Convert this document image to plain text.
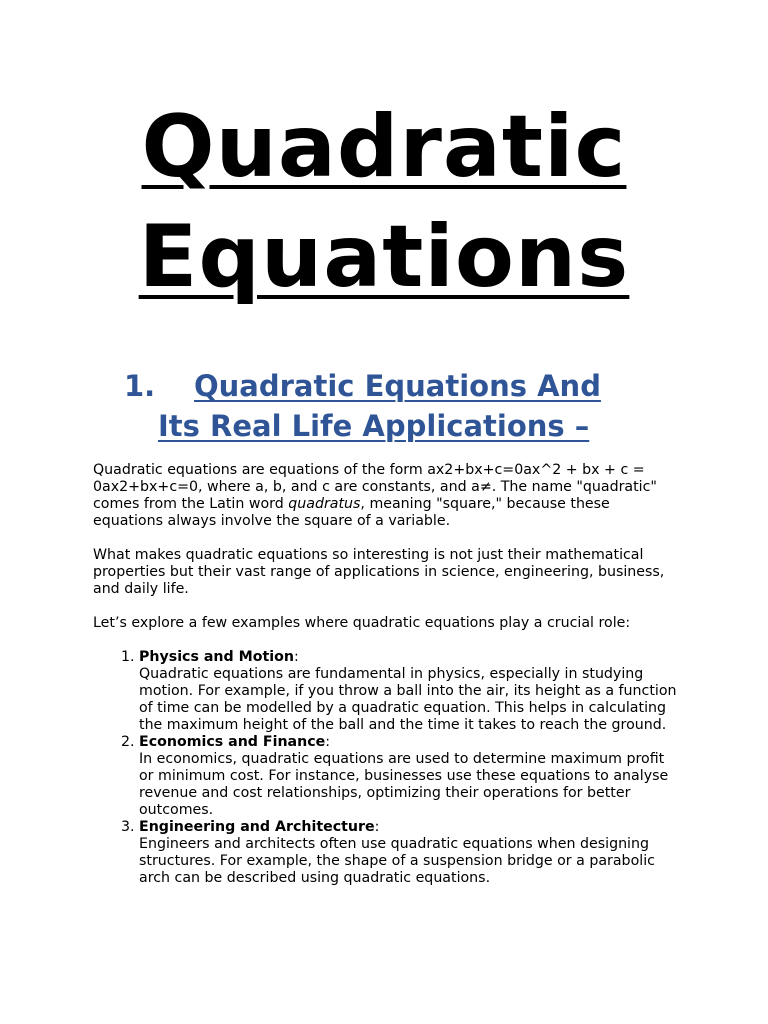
Quadratic
Equations
1. Quadratic Equations And
Its Real Life Applications –

Quadratic equations are equations of the form ax2+bx+c=0ax^2 + bx + c = 0ax2+bx+c=0, where a, b, and c are constants, and a≠. The name "quadratic" comes from the Latin word quadratus, meaning "square," because these equations always involve the square of a variable.

What makes quadratic equations so interesting is not just their mathematical properties but their vast range of applications in science, engineering, business, and daily life.

Let’s explore a few examples where quadratic equations play a crucial role:

1. Physics and Motion:
Quadratic equations are fundamental in physics, especially in studying motion. For example, if you throw a ball into the air, its height as a function of time can be modelled by a quadratic equation. This helps in calculating the maximum height of the ball and the time it takes to reach the ground.
2. Economics and Finance:
In economics, quadratic equations are used to determine maximum profit or minimum cost. For instance, businesses use these equations to analyse revenue and cost relationships, optimizing their operations for better outcomes.
3. Engineering and Architecture:
Engineers and architects often use quadratic equations when designing structures. For example, the shape of a suspension bridge or a parabolic arch can be described using quadratic equations.
